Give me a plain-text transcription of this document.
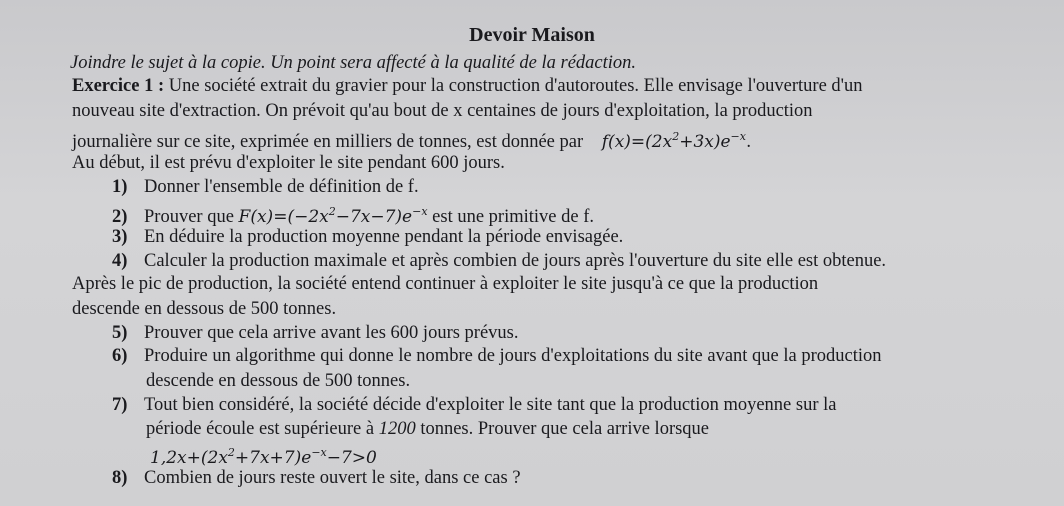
Devoir Maison
Joindre le sujet à la copie. Un point sera affecté à la qualité de la rédaction.
Exercice 1 : Une société extrait du gravier pour la construction d'autoroutes. Elle envisage l'ouverture d'un
nouveau site d'extraction. On prévoit qu'au bout de x centaines de jours d'exploitation, la production
journalière sur ce site, exprimée en milliers de tonnes, est donnée par $f(x)=(2x^2+3x)e^{-x}$.
Au début, il est prévu d'exploiter le site pendant 600 jours.
1) Donner l'ensemble de définition de f.
2) Prouver que $F(x)=(-2x^2-7x-7)e^{-x}$ est une primitive de f.
3) En déduire la production moyenne pendant la période envisagée.
4) Calculer la production maximale et après combien de jours après l'ouverture du site elle est obtenue.
Après le pic de production, la société entend continuer à exploiter le site jusqu'à ce que la production
descende en dessous de 500 tonnes.
5) Prouver que cela arrive avant les 600 jours prévus.
6) Produire un algorithme qui donne le nombre de jours d'exploitations du site avant que la production
descende en dessous de 500 tonnes.
7) Tout bien considéré, la société décide d'exploiter le site tant que la production moyenne sur la
période écoule est supérieure à 1200 tonnes. Prouver que cela arrive lorsque
$1,2x+(2x^2+7x+7)e^{-x}-7>0$
8) Combien de jours reste ouvert le site, dans ce cas ?
